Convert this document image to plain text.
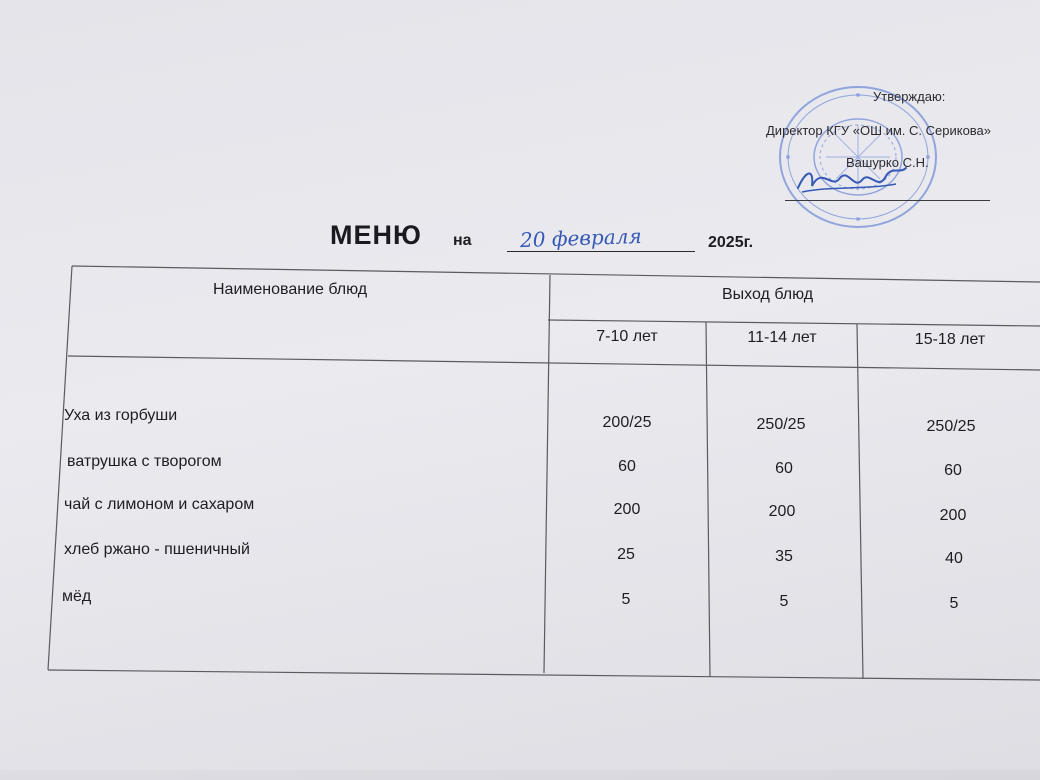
Утверждаю:
Директор КГУ «ОШ им. С. Серикова»
Вашурко С.Н.
МЕНЮ на 20 февраля	2025г.
Наименование блюд	Выход блюд
7-10 лет	11-14 лет	15-18 лет
Уха из горбуши	200/25	250/25	250/25
ватрушка с творогом	60	60	60
чай с лимоном и сахаром	200	200	200
хлеб ржано - пшеничный	25	35	40
мёд	5	5	5
